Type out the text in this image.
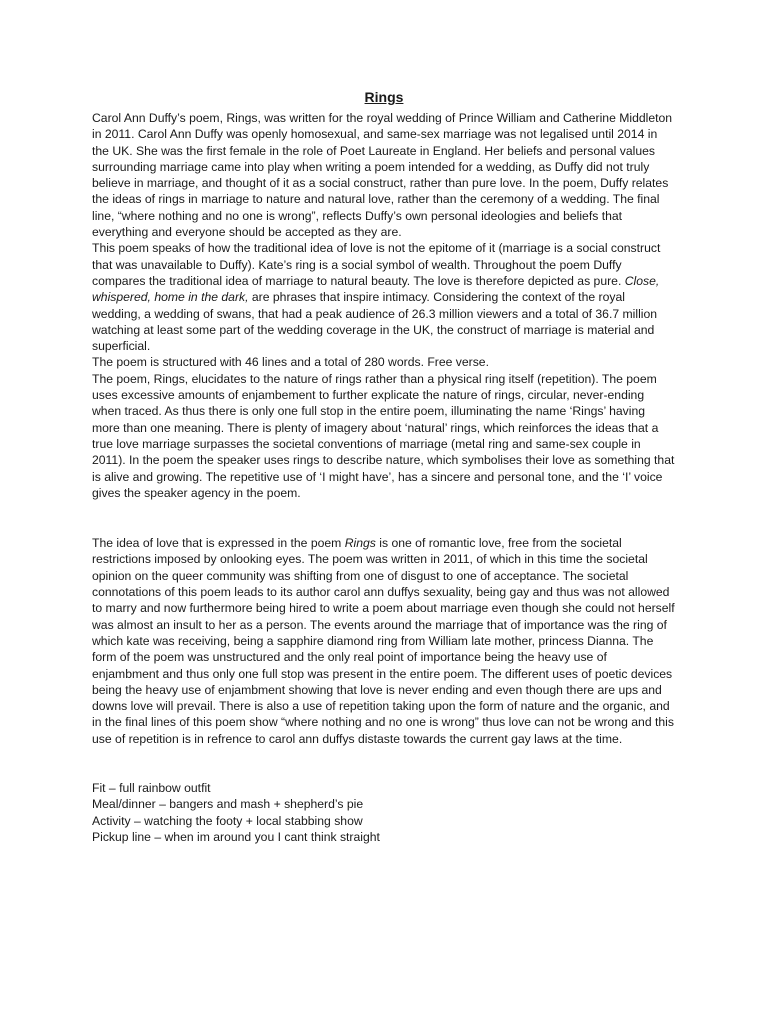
Rings

Carol Ann Duffy’s poem, Rings, was written for the royal wedding of Prince William and Catherine Middleton in 2011. Carol Ann Duffy was openly homosexual, and same-sex marriage was not legalised until 2014 in the UK. She was the first female in the role of Poet Laureate in England. Her beliefs and personal values surrounding marriage came into play when writing a poem intended for a wedding, as Duffy did not truly believe in marriage, and thought of it as a social construct, rather than pure love. In the poem, Duffy relates the ideas of rings in marriage to nature and natural love, rather than the ceremony of a wedding. The final line, “where nothing and no one is wrong”, reflects Duffy’s own personal ideologies and beliefs that everything and everyone should be accepted as they are.

This poem speaks of how the traditional idea of love is not the epitome of it (marriage is a social construct that was unavailable to Duffy). Kate’s ring is a social symbol of wealth. Throughout the poem Duffy compares the traditional idea of marriage to natural beauty. The love is therefore depicted as pure. Close, whispered, home in the dark, are phrases that inspire intimacy. Considering the context of the royal wedding, a wedding of swans, that had a peak audience of 26.3 million viewers and a total of 36.7 million watching at least some part of the wedding coverage in the UK, the construct of marriage is material and superficial.

The poem is structured with 46 lines and a total of 280 words. Free verse.

The poem, Rings, elucidates to the nature of rings rather than a physical ring itself (repetition). The poem uses excessive amounts of enjambement to further explicate the nature of rings, circular, never-ending when traced. As thus there is only one full stop in the entire poem, illuminating the name ‘Rings’ having more than one meaning. There is plenty of imagery about ‘natural’ rings, which reinforces the ideas that a true love marriage surpasses the societal conventions of marriage (metal ring and same-sex couple in 2011). In the poem the speaker uses rings to describe nature, which symbolises their love as something that is alive and growing. The repetitive use of ‘I might have’, has a sincere and personal tone, and the ‘I’ voice gives the speaker agency in the poem.

The idea of love that is expressed in the poem Rings is one of romantic love, free from the societal restrictions imposed by onlooking eyes. The poem was written in 2011, of which in this time the societal opinion on the queer community was shifting from one of disgust to one of acceptance. The societal connotations of this poem leads to its author carol ann duffys sexuality, being gay and thus was not allowed to marry and now furthermore being hired to write a poem about marriage even though she could not herself was almost an insult to her as a person. The events around the marriage that of importance was the ring of which kate was receiving, being a sapphire diamond ring from William late mother, princess Dianna. The form of the poem was unstructured and the only real point of importance being the heavy use of enjambment and thus only one full stop was present in the entire poem. The different uses of poetic devices being the heavy use of enjambment showing that love is never ending and even though there are ups and downs love will prevail. There is also a use of repetition taking upon the form of nature and the organic, and in the final lines of this poem show “where nothing and no one is wrong” thus love can not be wrong and this use of repetition is in refrence to carol ann duffys distaste towards the current gay laws at the time.

Fit – full rainbow outfit

Meal/dinner – bangers and mash + shepherd’s pie

Activity – watching the footy + local stabbing show

Pickup line – when im around you I cant think straight
